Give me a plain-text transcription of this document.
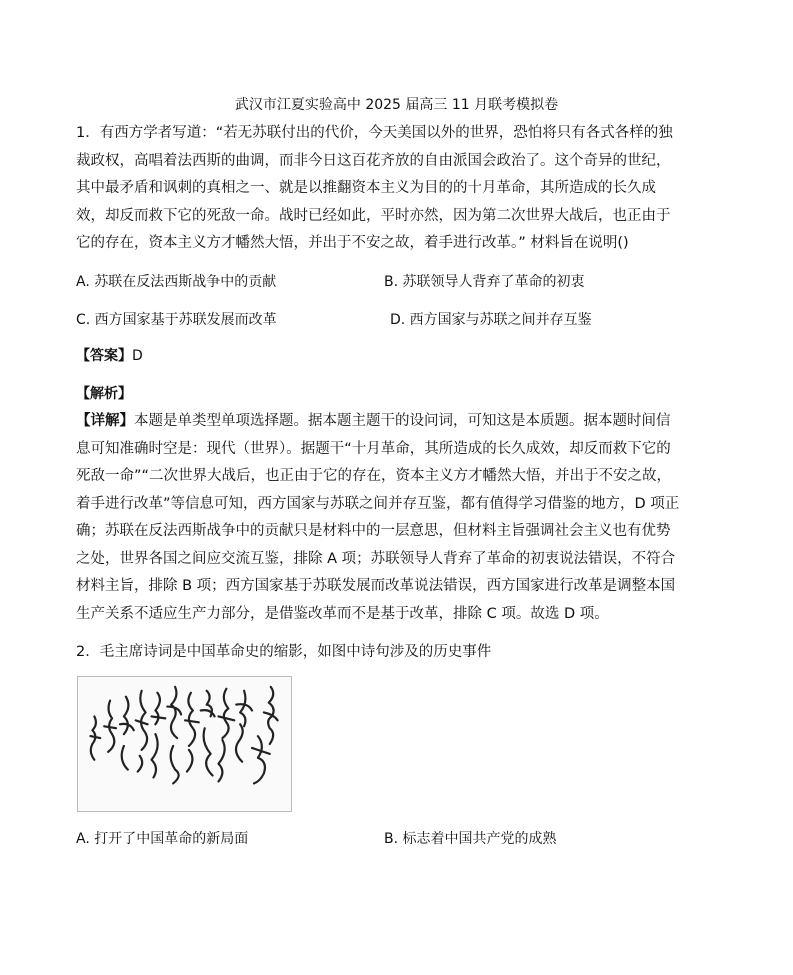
武汉市江夏实验高中 2025 届高三 11 月联考模拟卷

1．有西方学者写道：“若无苏联付出的代价，今天美国以外的世界，恐怕将只有各式各样的独裁政权，高唱着法西斯的曲调，而非今日这百花齐放的自由派国会政治了。这个奇异的世纪，其中最矛盾和讽刺的真相之一、就是以推翻资本主义为目的的十月革命，其所造成的长久成效，却反而救下它的死敌一命。战时已经如此，平时亦然，因为第二次世界大战后，也正由于它的存在，资本主义方才幡然大悟，并出于不安之故，着手进行改革。” 材料旨在说明()

A. 苏联在反法西斯战争中的贡献	B. 苏联领导人背弃了革命的初衷
C. 西方国家基于苏联发展而改革	D. 西方国家与苏联之间并存互鉴
【答案】D
【解析】

【详解】本题是单类型单项选择题。据本题主题干的设问词，可知这是本质题。据本题时间信息可知准确时空是：现代（世界）。据题干“十月革命，其所造成的长久成效，却反而救下它的死敌一命”“二次世界大战后，也正由于它的存在，资本主义方才幡然大悟，并出于不安之故，着手进行改革”等信息可知，西方国家与苏联之间并存互鉴，都有值得学习借鉴的地方，D 项正确；苏联在反法西斯战争中的贡献只是材料中的一层意思，但材料主旨强调社会主义也有优势之处，世界各国之间应交流互鉴，排除 A 项；苏联领导人背弃了革命的初衷说法错误，不符合材料主旨，排除 B 项；西方国家基于苏联发展而改革说法错误，西方国家进行改革是调整本国生产关系不适应生产力部分，是借鉴改革而不是基于改革，排除 C 项。故选 D 项。

2．毛主席诗词是中国革命史的缩影，如图中诗句涉及的历史事件

A. 打开了中国革命的新局面	B. 标志着中国共产党的成熟
